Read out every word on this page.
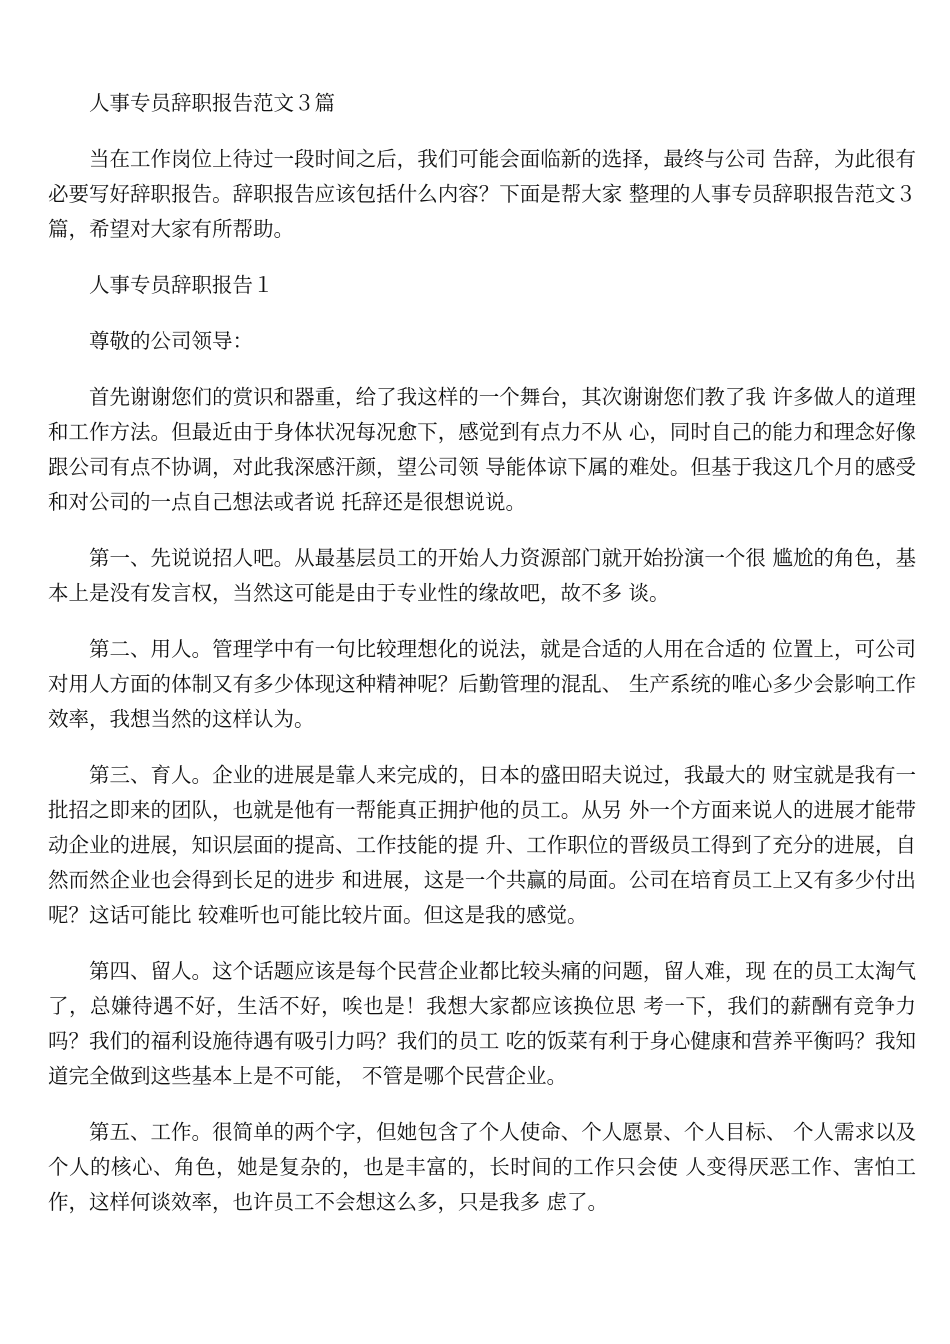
人事专员辞职报告范文３篇

当在工作岗位上待过一段时间之后，我们可能会面临新的选择，最终与公司 告辞，为此很有必要写好辞职报告。辞职报告应该包括什么内容？下面是帮大家 整理的人事专员辞职报告范文３篇，希望对大家有所帮助。

人事专员辞职报告１

尊敬的公司领导：

首先谢谢您们的赏识和器重，给了我这样的一个舞台，其次谢谢您们教了我 许多做人的道理和工作方法。但最近由于身体状况每况愈下，感觉到有点力不从 心，同时自己的能力和理念好像跟公司有点不协调，对此我深感汗颜，望公司领 导能体谅下属的难处。但基于我这几个月的感受和对公司的一点自己想法或者说 托辞还是很想说说。

第一、先说说招人吧。从最基层员工的开始人力资源部门就开始扮演一个很 尴尬的角色，基本上是没有发言权，当然这可能是由于专业性的缘故吧，故不多 谈。

第二、用人。管理学中有一句比较理想化的说法，就是合适的人用在合适的 位置上，可公司对用人方面的体制又有多少体现这种精神呢？后勤管理的混乱、 生产系统的唯心多少会影响工作效率，我想当然的这样认为。

第三、育人。企业的进展是靠人来完成的，日本的盛田昭夫说过，我最大的 财宝就是我有一批招之即来的团队，也就是他有一帮能真正拥护他的员工。从另 外一个方面来说人的进展才能带动企业的进展，知识层面的提高、工作技能的提 升、工作职位的晋级员工得到了充分的进展，自然而然企业也会得到长足的进步 和进展，这是一个共赢的局面。公司在培育员工上又有多少付出呢？这话可能比 较难听也可能比较片面。但这是我的感觉。

第四、留人。这个话题应该是每个民营企业都比较头痛的问题，留人难，现 在的员工太淘气了，总嫌待遇不好，生活不好，唉也是！我想大家都应该换位思 考一下，我们的薪酬有竞争力吗？我们的福利设施待遇有吸引力吗？我们的员工 吃的饭菜有利于身心健康和营养平衡吗？我知道完全做到这些基本上是不可能， 不管是哪个民营企业。

第五、工作。很简单的两个字，但她包含了个人使命、个人愿景、个人目标、 个人需求以及个人的核心、角色，她是复杂的，也是丰富的，长时间的工作只会使 人变得厌恶工作、害怕工作，这样何谈效率，也许员工不会想这么多，只是我多 虑了。
